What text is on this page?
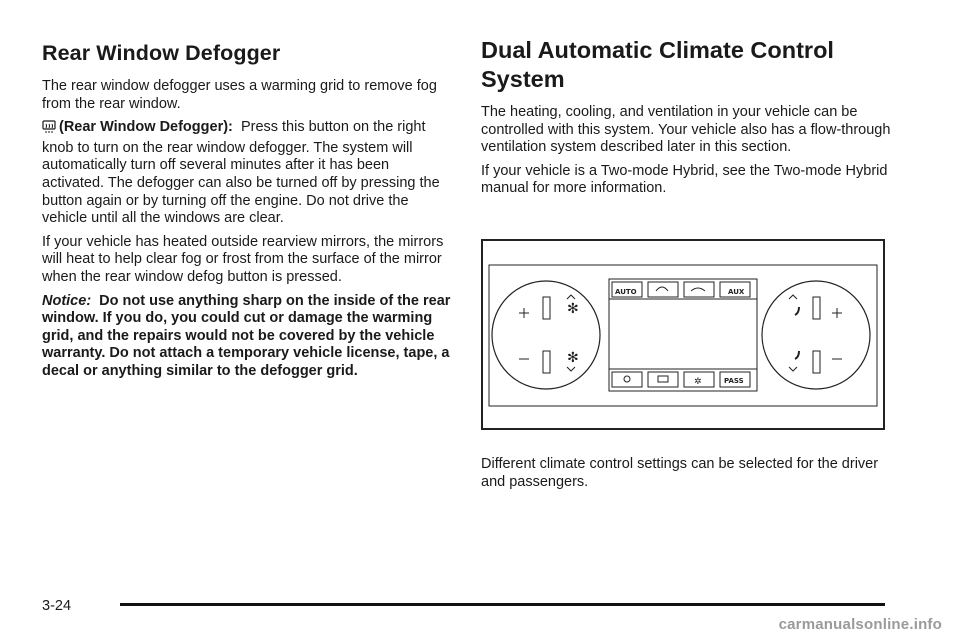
Rear Window Defogger

The rear window defogger uses a warming grid to remove fog from the rear window.

(Rear Window Defogger): Press this button on the right knob to turn on the rear window defogger. The system will automatically turn off several minutes after it has been activated. The defogger can also be turned off by pressing the button again or by turning off the engine. Do not drive the vehicle until all the windows are clear.

If your vehicle has heated outside rearview mirrors, the mirrors will heat to help clear fog or frost from the surface of the mirror when the rear window defog button is pressed.

Notice: Do not use anything sharp on the inside of the rear window. If you do, you could cut or damage the warming grid, and the repairs would not be covered by the vehicle warranty. Do not attach a temporary vehicle license, tape, a decal or anything similar to the defogger grid.

Dual Automatic Climate Control System

The heating, cooling, and ventilation in your vehicle can be controlled with this system. Your vehicle also has a flow-through ventilation system described later in this section.

If your vehicle is a Two-mode Hybrid, see the Two-mode Hybrid manual for more information.

✻
✻
AUTO	AUX
✲	PASS

Different climate control settings can be selected for the driver and passengers.

3-24
carmanualsonline.info
